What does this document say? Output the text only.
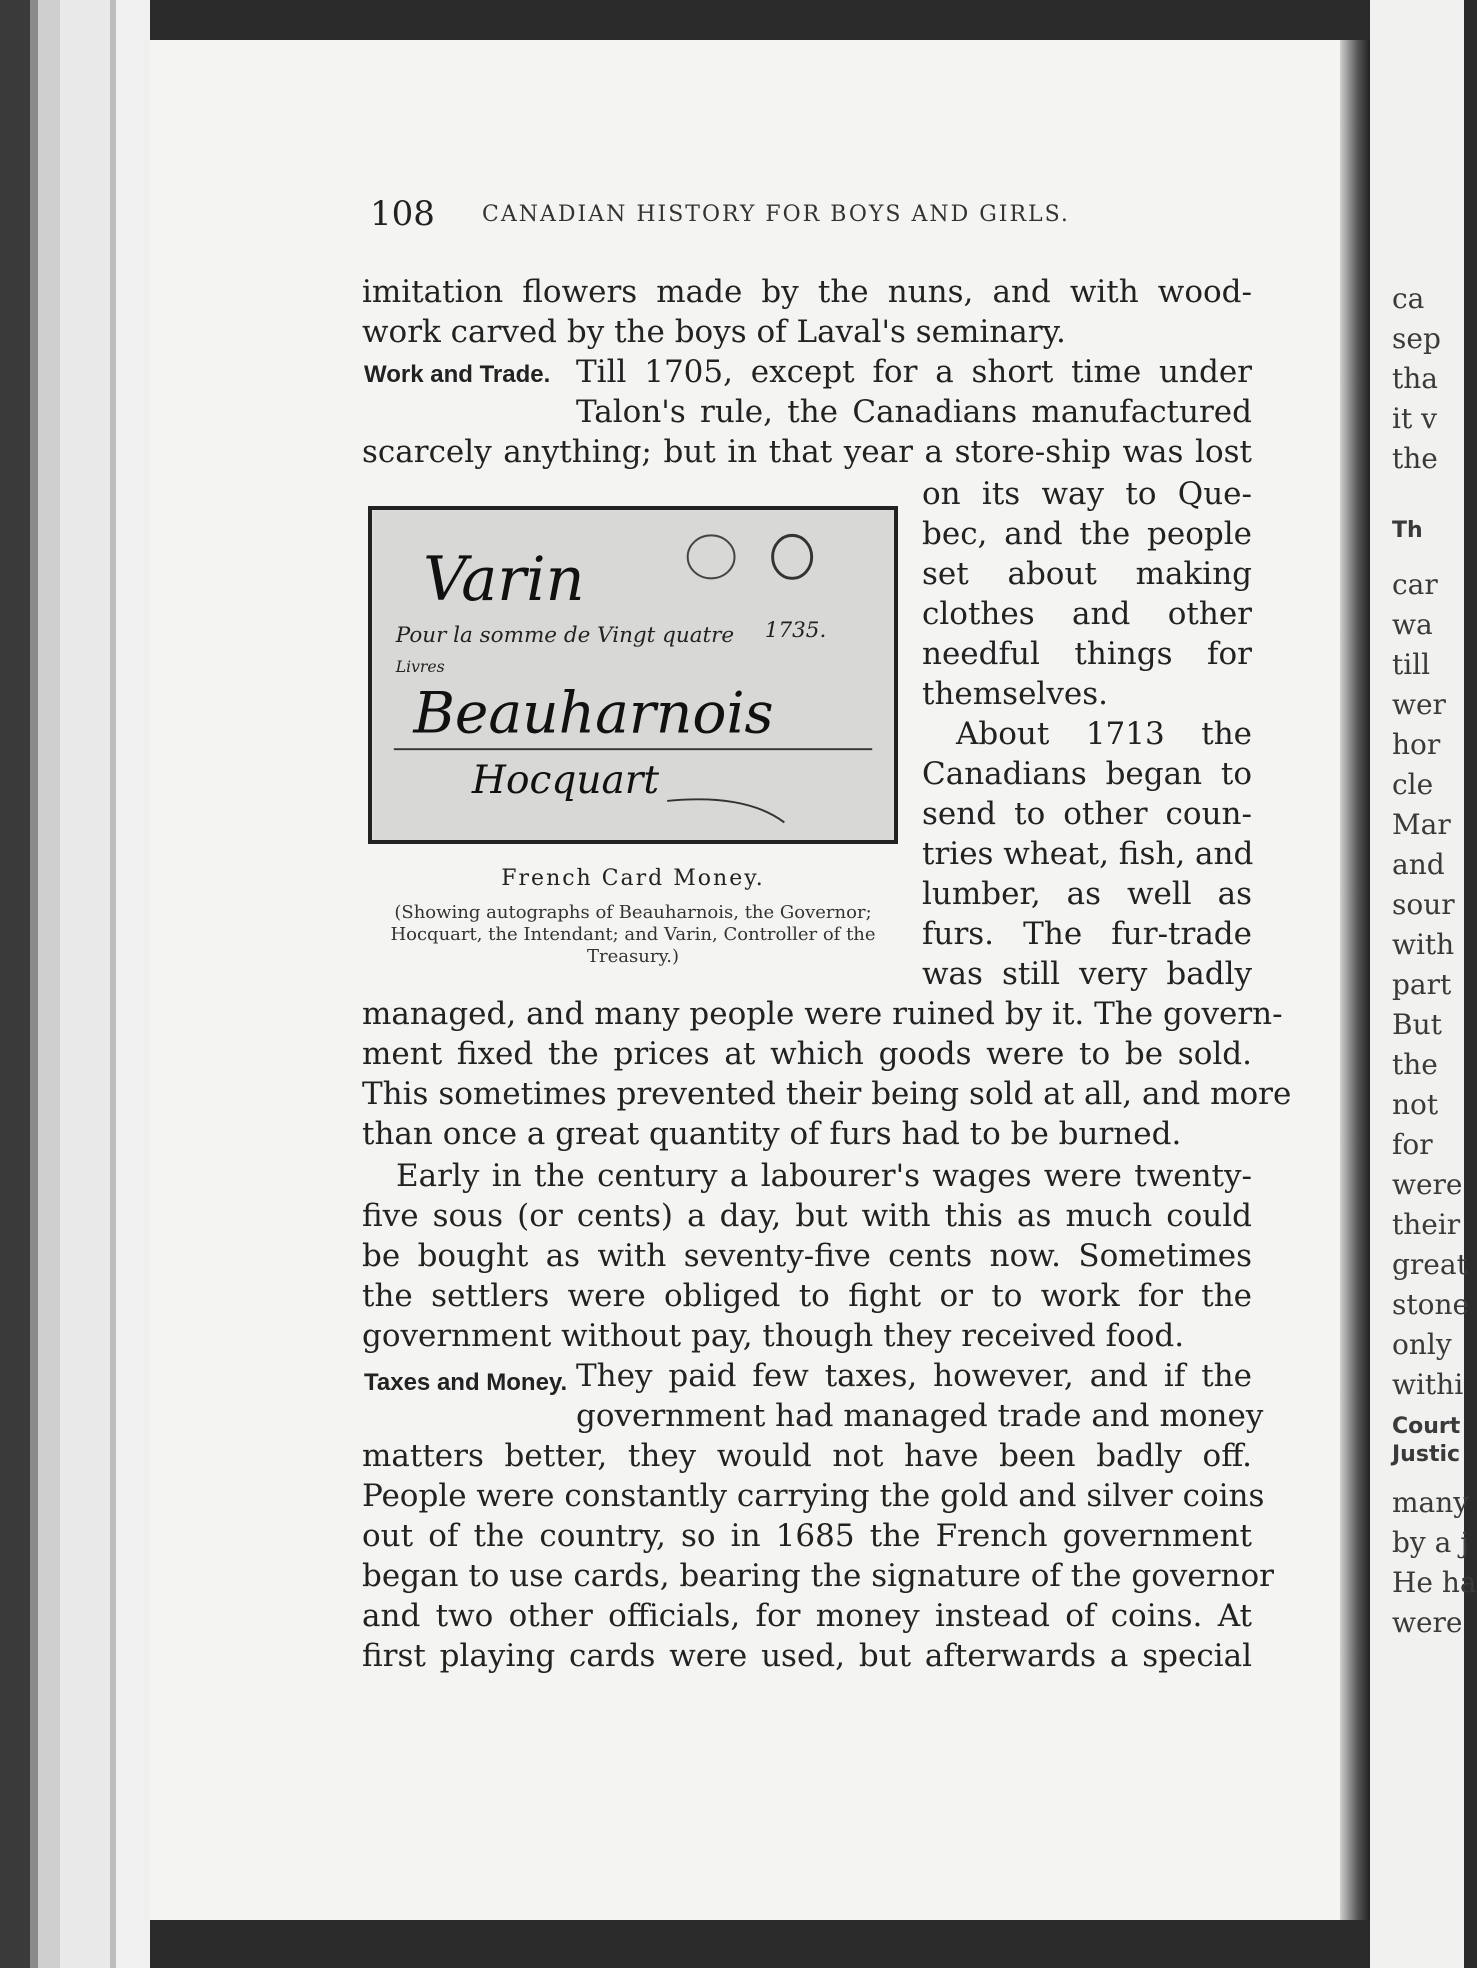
108 CANADIAN HISTORY FOR BOYS AND GIRLS.
imitation flowers made by the nuns, and with wood-
work carved by the boys of Laval's seminary.
Work and Trade. Till 1705, except for a short time under
Talon's rule, the Canadians manufactured
scarcely anything; but in that year a store-ship was lost
on its way to Que-
bec, and the people
set about making
clothes and other
needful things for
themselves.
About 1713 the
Canadians began to
send to other coun-
tries wheat, fish, and
lumber, as well as
furs. The fur-trade
was still very badly
managed, and many people were ruined by it. The govern-
ment fixed the prices at which goods were to be sold.
This sometimes prevented their being sold at all, and more
than once a great quantity of furs had to be burned.
Early in the century a labourer's wages were twenty-
five sous (or cents) a day, but with this as much could
be bought as with seventy-five cents now. Sometimes
the settlers were obliged to fight or to work for the
government without pay, though they received food.
Taxes and Money. They paid few taxes, however, and if the
government had managed trade and money
matters better, they would not have been badly off.
People were constantly carrying the gold and silver coins
out of the country, so in 1685 the French government
began to use cards, bearing the signature of the governor
and two other officials, for money instead of coins. At
first playing cards were used, but afterwards a special
Varin
1735.
Pour la somme de Vingt quatre
Livres
Beauharnois
Hocquart
French Card Money.
(Showing autographs of Beauharnois, the Governor; Hocquart, the Intendant; and Varin, Controller of the Treasury.)
ca
sep
tha
it v
the
Th
car
wa
till
wer
hor
cle
Mar
and
sour
with
part
But
the
not
for
were
their
great
stone
only
withi
Court
Justic
many
by a j
He ha
were
